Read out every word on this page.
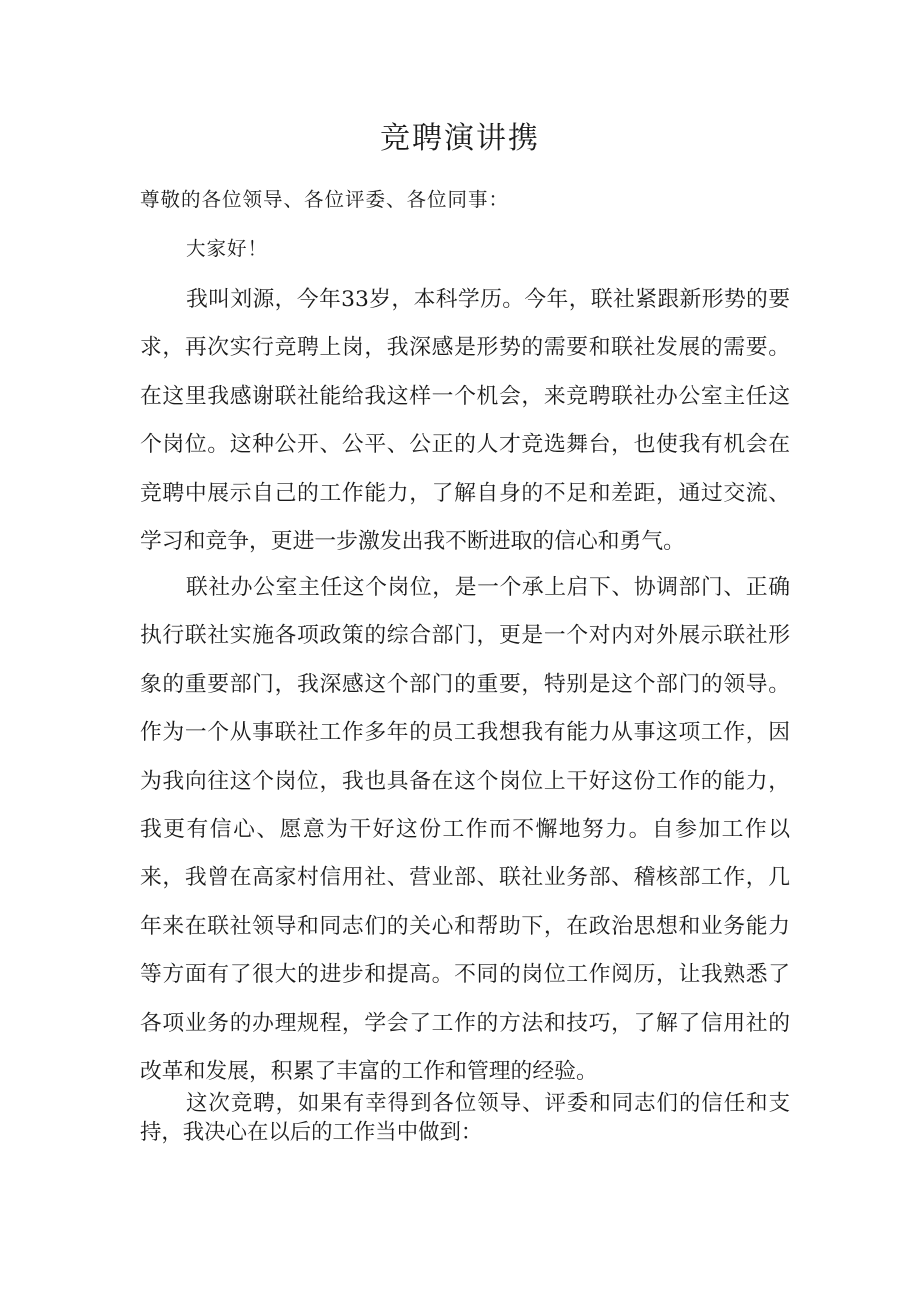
竞聘演讲携
尊敬的各位领导、各位评委、各位同事：
大家好！
我叫刘源，今年33岁，本科学历。今年，联社紧跟新形势的要求，再次实行竞聘上岗，我深感是形势的需要和联社发展的需要。在这里我感谢联社能给我这样一个机会，来竞聘联社办公室主任这个岗位。这种公开、公平、公正的人才竞选舞台，也使我有机会在竞聘中展示自己的工作能力，了解自身的不足和差距，通过交流、学习和竞争，更进一步激发出我不断进取的信心和勇气。
联社办公室主任这个岗位，是一个承上启下、协调部门、正确执行联社实施各项政策的综合部门，更是一个对内对外展示联社形象的重要部门，我深感这个部门的重要，特别是这个部门的领导。作为一个从事联社工作多年的员工我想我有能力从事这项工作，因为我向往这个岗位，我也具备在这个岗位上干好这份工作的能力，我更有信心、愿意为干好这份工作而不懈地努力。自参加工作以来，我曾在高家村信用社、营业部、联社业务部、稽核部工作，几年来在联社领导和同志们的关心和帮助下，在政治思想和业务能力等方面有了很大的进步和提高。不同的岗位工作阅历，让我熟悉了各项业务的办理规程，学会了工作的方法和技巧，了解了信用社的改革和发展，积累了丰富的工作和管理的经验。
这次竞聘，如果有幸得到各位领导、评委和同志们的信任和支持，我决心在以后的工作当中做到：
